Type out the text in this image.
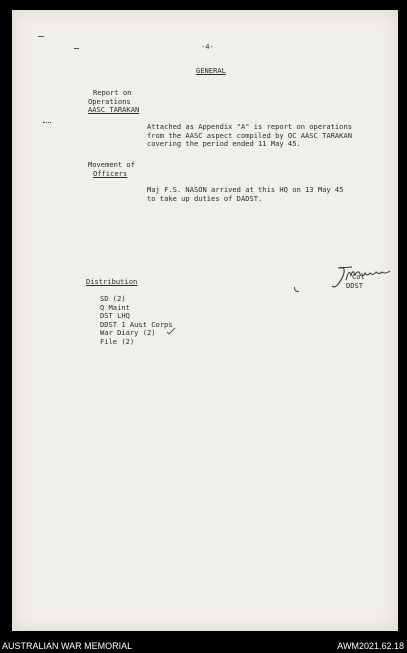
-4-
GENERAL
Report on
Operations
AASC TARAKAN
Attached as Appendix "A" is report on operations
from the AASC aspect compiled by OC AASC TARAKAN
covering the period ended 11 May 45.
Movement of
Officers
Maj F.S. NASON arrived at this HQ on 13 May 45
to take up duties of DADST.
Col
DDST
Distribution
SD (2)
Q Maint
DST LHQ
DDST 1 Aust Corps
War Diary (2)
File (2)
AUSTRALIAN WAR MEMORIAL	AWM2021.62.18
